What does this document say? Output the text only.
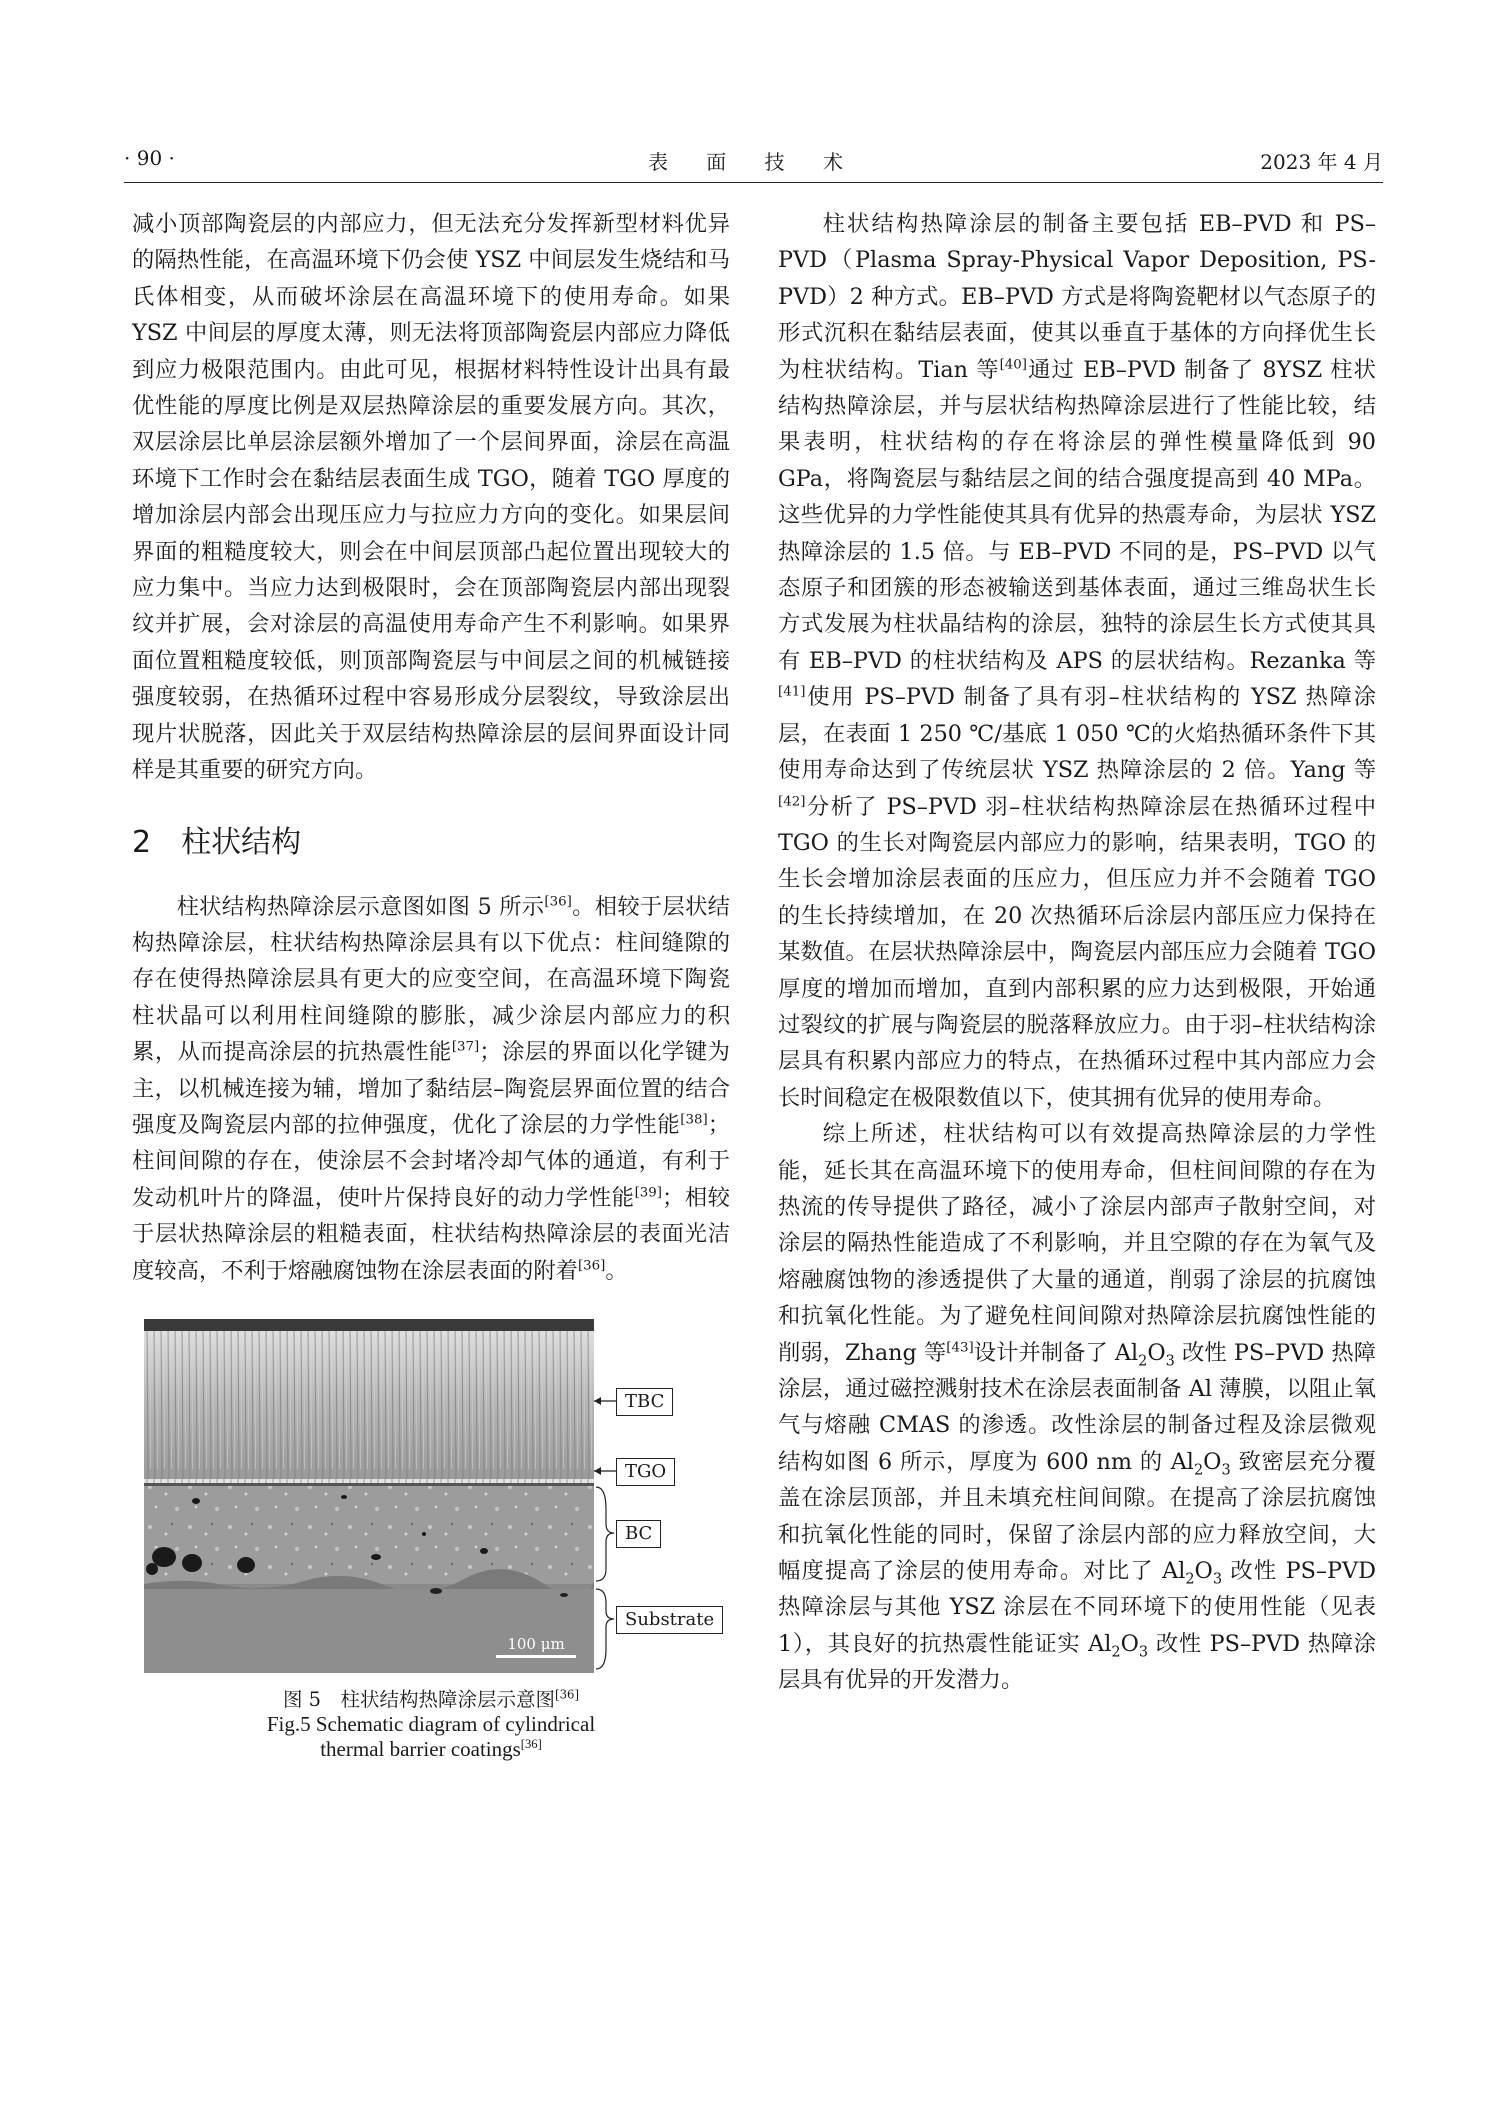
· 90 ·	表 面 技 术	2023 年 4 月

减小顶部陶瓷层的内部应力，但无法充分发挥新型材料优异的隔热性能，在高温环境下仍会使 YSZ 中间层发生烧结和马氏体相变，从而破坏涂层在高温环境下的使用寿命。如果 YSZ 中间层的厚度太薄，则无法将顶部陶瓷层内部应力降低到应力极限范围内。由此可见，根据材料特性设计出具有最优性能的厚度比例是双层热障涂层的重要发展方向。其次，双层涂层比单层涂层额外增加了一个层间界面，涂层在高温环境下工作时会在黏结层表面生成 TGO，随着 TGO 厚度的增加涂层内部会出现压应力与拉应力方向的变化。如果层间界面的粗糙度较大，则会在中间层顶部凸起位置出现较大的应力集中。当应力达到极限时，会在顶部陶瓷层内部出现裂纹并扩展，会对涂层的高温使用寿命产生不利影响。如果界面位置粗糙度较低，则顶部陶瓷层与中间层之间的机械链接强度较弱，在热循环过程中容易形成分层裂纹，导致涂层出现片状脱落，因此关于双层结构热障涂层的层间界面设计同样是其重要的研究方向。

2 柱状结构

柱状结构热障涂层示意图如图 5 所示[36]。相较于层状结构热障涂层，柱状结构热障涂层具有以下优点：柱间缝隙的存在使得热障涂层具有更大的应变空间，在高温环境下陶瓷柱状晶可以利用柱间缝隙的膨胀，减少涂层内部应力的积累，从而提高涂层的抗热震性能[37]；涂层的界面以化学键为主，以机械连接为辅，增加了黏结层–陶瓷层界面位置的结合强度及陶瓷层内部的拉伸强度，优化了涂层的力学性能[38]；柱间间隙的存在，使涂层不会封堵冷却气体的通道，有利于发动机叶片的降温，使叶片保持良好的动力学性能[39]；相较于层状热障涂层的粗糙表面，柱状结构热障涂层的表面光洁度较高，不利于熔融腐蚀物在涂层表面的附着[36]。

100 μm
TBC
TGO
BC
Substrate
图 5　柱状结构热障涂层示意图[36]
Fig.5 Schematic diagram of cylindrical
thermal barrier coatings[36]

柱状结构热障涂层的制备主要包括 EB–PVD 和 PS–PVD（Plasma Spray-Physical Vapor Deposition, PS-PVD）2 种方式。EB–PVD 方式是将陶瓷靶材以气态原子的形式沉积在黏结层表面，使其以垂直于基体的方向择优生长为柱状结构。Tian 等[40]通过 EB–PVD 制备了 8YSZ 柱状结构热障涂层，并与层状结构热障涂层进行了性能比较，结果表明，柱状结构的存在将涂层的弹性模量降低到 90 GPa，将陶瓷层与黏结层之间的结合强度提高到 40 MPa。这些优异的力学性能使其具有优异的热震寿命，为层状 YSZ 热障涂层的 1.5 倍。与 EB–PVD 不同的是，PS–PVD 以气态原子和团簇的形态被输送到基体表面，通过三维岛状生长方式发展为柱状晶结构的涂层，独特的涂层生长方式使其具有 EB–PVD 的柱状结构及 APS 的层状结构。Rezanka 等[41]使用 PS–PVD 制备了具有羽–柱状结构的 YSZ 热障涂层，在表面 1 250 ℃/基底 1 050 ℃的火焰热循环条件下其使用寿命达到了传统层状 YSZ 热障涂层的 2 倍。Yang 等[42]分析了 PS–PVD 羽–柱状结构热障涂层在热循环过程中 TGO 的生长对陶瓷层内部应力的影响，结果表明，TGO 的生长会增加涂层表面的压应力，但压应力并不会随着 TGO 的生长持续增加，在 20 次热循环后涂层内部压应力保持在某数值。在层状热障涂层中，陶瓷层内部压应力会随着 TGO 厚度的增加而增加，直到内部积累的应力达到极限，开始通过裂纹的扩展与陶瓷层的脱落释放应力。由于羽–柱状结构涂层具有积累内部应力的特点，在热循环过程中其内部应力会长时间稳定在极限数值以下，使其拥有优异的使用寿命。

综上所述，柱状结构可以有效提高热障涂层的力学性能，延长其在高温环境下的使用寿命，但柱间间隙的存在为热流的传导提供了路径，减小了涂层内部声子散射空间，对涂层的隔热性能造成了不利影响，并且空隙的存在为氧气及熔融腐蚀物的渗透提供了大量的通道，削弱了涂层的抗腐蚀和抗氧化性能。为了避免柱间间隙对热障涂层抗腐蚀性能的削弱，Zhang 等[43]设计并制备了 $Al_2O_3$ 改性 PS–PVD 热障涂层，通过磁控溅射技术在涂层表面制备 Al 薄膜，以阻止氧气与熔融 CMAS 的渗透。改性涂层的制备过程及涂层微观结构如图 6 所示，厚度为 600 nm 的 $Al_2O_3$ 致密层充分覆盖在涂层顶部，并且未填充柱间间隙。在提高了涂层抗腐蚀和抗氧化性能的同时，保留了涂层内部的应力释放空间，大幅度提高了涂层的使用寿命。对比了 $Al_2O_3$ 改性 PS–PVD 热障涂层与其他 YSZ 涂层在不同环境下的使用性能（见表 1），其良好的抗热震性能证实 $Al_2O_3$ 改性 PS–PVD 热障涂层具有优异的开发潜力。
